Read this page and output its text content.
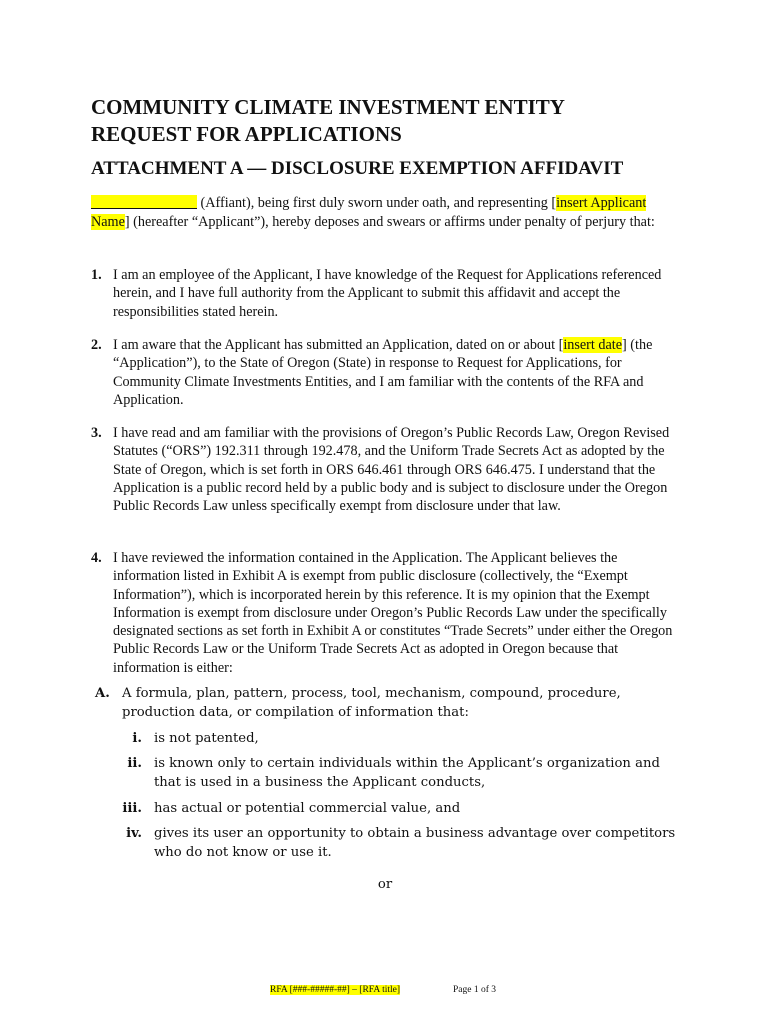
COMMUNITY CLIMATE INVESTMENT ENTITY
REQUEST FOR APPLICATIONS
ATTACHMENT A — DISCLOSURE EXEMPTION AFFIDAVIT
(Affiant), being first duly sworn under oath, and representing [insert Applicant Name] (hereafter “Applicant”), hereby deposes and swears or affirms under penalty of perjury that:
1. I am an employee of the Applicant, I have knowledge of the Request for Applications referenced herein, and I have full authority from the Applicant to submit this affidavit and accept the responsibilities stated herein.
2. I am aware that the Applicant has submitted an Application, dated on or about [insert date] (the “Application”), to the State of Oregon (State) in response to Request for Applications, for Community Climate Investments Entities, and I am familiar with the contents of the RFA and Application.
3. I have read and am familiar with the provisions of Oregon’s Public Records Law, Oregon Revised Statutes (“ORS”) 192.311 through 192.478, and the Uniform Trade Secrets Act as adopted by the State of Oregon, which is set forth in ORS 646.461 through ORS 646.475. I understand that the Application is a public record held by a public body and is subject to disclosure under the Oregon Public Records Law unless specifically exempt from disclosure under that law.
4. I have reviewed the information contained in the Application. The Applicant believes the information listed in Exhibit A is exempt from public disclosure (collectively, the “Exempt Information”), which is incorporated herein by this reference. It is my opinion that the Exempt Information is exempt from disclosure under Oregon’s Public Records Law under the specifically designated sections as set forth in Exhibit A or constitutes “Trade Secrets” under either the Oregon Public Records Law or the Uniform Trade Secrets Act as adopted in Oregon because that information is either:
A. A formula, plan, pattern, process, tool, mechanism, compound, procedure, production data, or compilation of information that:
i. is not patented,
ii. is known only to certain individuals within the Applicant’s organization and that is used in a business the Applicant conducts,
iii. has actual or potential commercial value, and
iv. gives its user an opportunity to obtain a business advantage over competitors who do not know or use it.
or
RFA [###-#####-##] – [RFA title]	Page 1 of 3
